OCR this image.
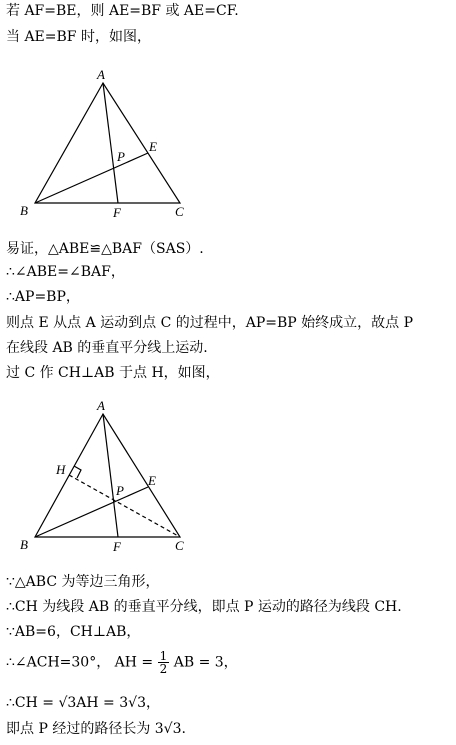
若 AF=BE，则 AE=BF 或 AE=CF.
当 AE=BF 时，如图，
易证，△ABE≌△BAF（SAS）.
∴∠ABE=∠BAF，
∴AP=BP，
则点 E 从点 A 运动到点 C 的过程中，AP=BP 始终成立，故点 P
在线段 AB 的垂直平分线上运动.
过 C 作 CH⊥AB 于点 H，如图，
∵△ABC 为等边三角形，
∴CH 为线段 AB 的垂直平分线，即点 P 运动的路径为线段 CH.
∵AB=6，CH⊥AB，
∴∠ACH=30°， AH = $\frac{1}{2}$ AB = 3，
∴CH = √3AH = 3√3，
即点 P 经过的路径长为 3√3.
A
B	C
E
F
P
A
B	C
E
F
P
H
